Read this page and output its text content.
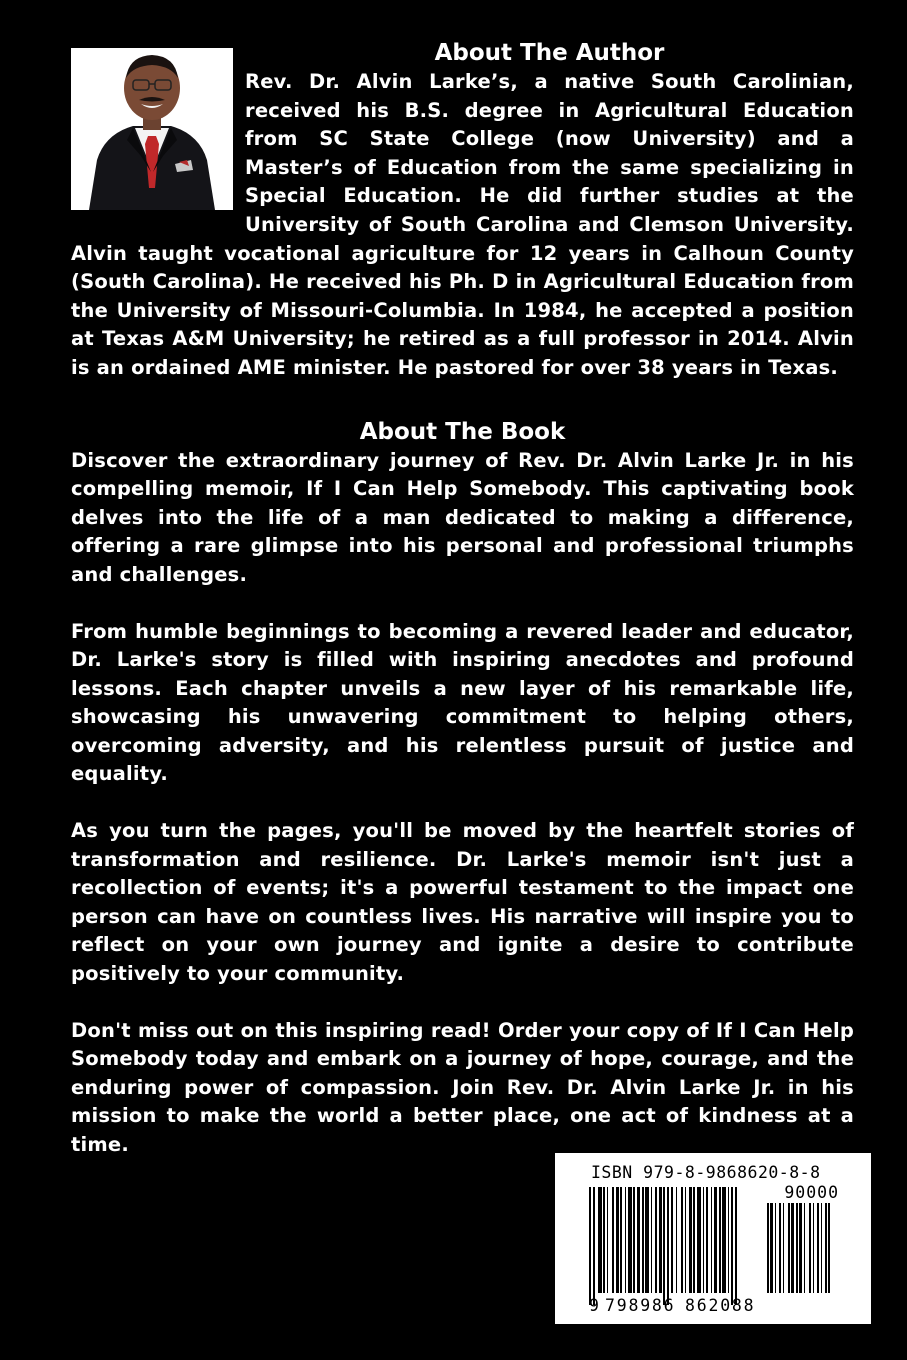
About The Author

Rev. Dr. Alvin Larke’s, a native South Carolinian, received his B.S. degree in Agricultural Education from SC State College (now University) and a Master’s of Education from the same specializing in Special Education. He did further studies at the University of South Carolina and Clemson University. Alvin taught vocational agriculture for 12 years in Calhoun County (South Carolina). He received his Ph. D in Agricultural Education from the University of Missouri-Columbia. In 1984, he accepted a position at Texas A&M University; he retired as a full professor in 2014. Alvin is an ordained AME minister. He pastored for over 38 years in Texas.

About The Book

Discover the extraordinary journey of Rev. Dr. Alvin Larke Jr. in his compelling memoir, If I Can Help Somebody. This captivating book delves into the life of a man dedicated to making a difference, offering a rare glimpse into his personal and professional triumphs and challenges.

From humble beginnings to becoming a revered leader and educator, Dr. Larke's story is filled with inspiring anecdotes and profound lessons. Each chapter unveils a new layer of his remarkable life, showcasing his unwavering commitment to helping others, overcoming adversity, and his relentless pursuit of justice and equality.

As you turn the pages, you'll be moved by the heartfelt stories of transformation and resilience. Dr. Larke's memoir isn't just a recollection of events; it's a powerful testament to the impact one person can have on countless lives. His narrative will inspire you to reflect on your own journey and ignite a desire to contribute positively to your community.

Don't miss out on this inspiring read! Order your copy of If I Can Help Somebody today and embark on a journey of hope, courage, and the enduring power of compassion. Join Rev. Dr. Alvin Larke Jr. in his mission to make the world a better place, one act of kindness at a time.

ISBN 979-8-9868620-8-8
90000
9 798986 862088
